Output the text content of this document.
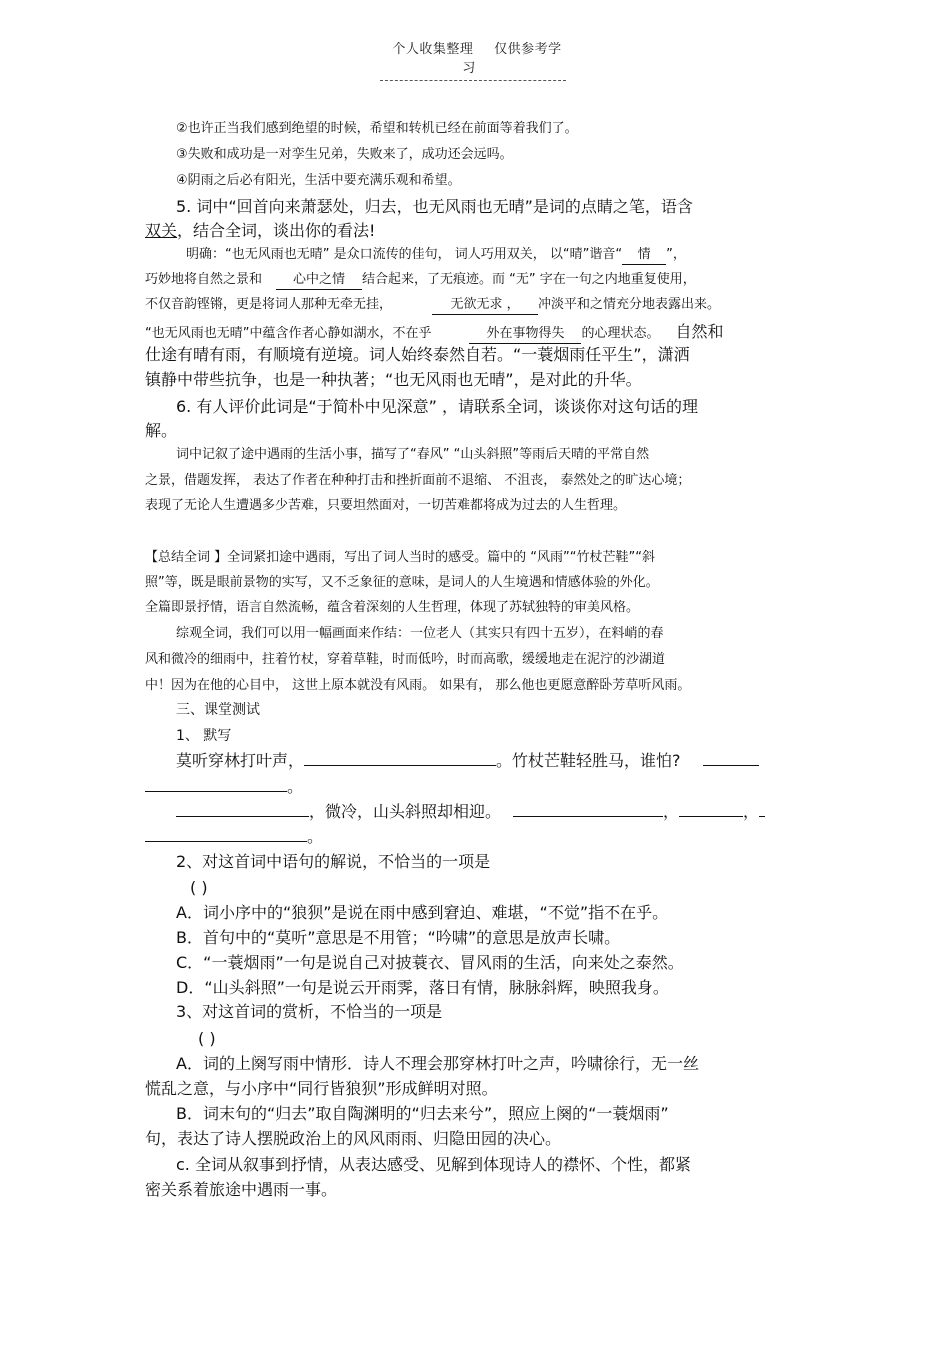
个人收集整理 仅供参考学习
②也许正当我们感到绝望的时候，希望和转机已经在前面等着我们了。
③失败和成功是一对孪生兄弟，失败来了，成功还会远吗。
④阴雨之后必有阳光，生活中要充满乐观和希望。
5. 词中“回首向来萧瑟处，归去，也无风雨也无晴”是词的点睛之笔，语含
双关，结合全词，谈出你的看法!
明确：“也无风雨也无晴” 是众口流传的佳句， 词人巧用双关， 以“晴”谐音“ 情 ”，
巧妙地将自然之景和 心中之情 结合起来，了无痕迹。而 “无” 字在一句之内地重复使用，
不仅音韵铿锵，更是将词人那种无牵无挂，	无欲无求 ， 冲淡平和之情充分地表露出来。
“也无风雨也无晴”中蕴含作者心静如湖水，不在乎	外在事物得失 的心理状态。 自然和
仕途有晴有雨，有顺境有逆境。词人始终泰然自若。“一蓑烟雨任平生”，潇洒
镇静中带些抗争，也是一种执著；“也无风雨也无晴”，是对此的升华。
6. 有人评价此词是“于简朴中见深意” ，请联系全词，谈谈你对这句话的理
解。
词中记叙了途中遇雨的生活小事，描写了“春风” “山头斜照”等雨后天晴的平常自然
之景，借题发挥， 表达了作者在种种打击和挫折面前不退缩、 不沮丧， 泰然处之的旷达心境；
表现了无论人生遭遇多少苦难，只要坦然面对，一切苦难都将成为过去的人生哲理。
【总结全词 】全词紧扣途中遇雨，写出了词人当时的感受。篇中的 “风雨”“竹杖芒鞋”“斜
照”等，既是眼前景物的实写，又不乏象征的意味，是词人的人生境遇和情感体验的外化。
全篇即景抒情，语言自然流畅，蕴含着深刻的人生哲理，体现了苏轼独特的审美风格。
综观全词，我们可以用一幅画面来作结：一位老人（其实只有四十五岁），在料峭的春
风和微冷的细雨中，拄着竹杖，穿着草鞋，时而低吟，时而高歌，缓缓地走在泥泞的沙湖道
中！因为在他的心目中， 这世上原本就没有风雨。 如果有， 那么他也更愿意醉卧芳草听风雨。
三、课堂测试
1、 默写
莫听穿林打叶声，	。竹杖芒鞋轻胜马，谁怕?
。
，微冷，山头斜照却相迎。	，	，
。
2、对这首词中语句的解说，不恰当的一项是
( )
A．词小序中的“狼狈”是说在雨中感到窘迫、难堪，“不觉”指不在乎。
B．首句中的“莫听”意思是不用管；“吟啸”的意思是放声长啸。
C．“一蓑烟雨”一句是说自己对披蓑衣、冒风雨的生活，向来处之泰然。
D．“山头斜照”一句是说云开雨霁，落日有情，脉脉斜辉，映照我身。
3、对这首词的赏析，不恰当的一项是
( )
A．词的上阕写雨中情形．诗人不理会那穿林打叶之声，吟啸徐行，无一丝
慌乱之意，与小序中“同行皆狼狈”形成鲜明对照。
B．词末句的“归去”取自陶渊明的“归去来兮”，照应上阕的“一蓑烟雨”
句，表达了诗人摆脱政治上的风风雨雨、归隐田园的决心。
c. 全词从叙事到抒情，从表达感受、见解到体现诗人的襟怀、个性，都紧
密关系着旅途中遇雨一事。
